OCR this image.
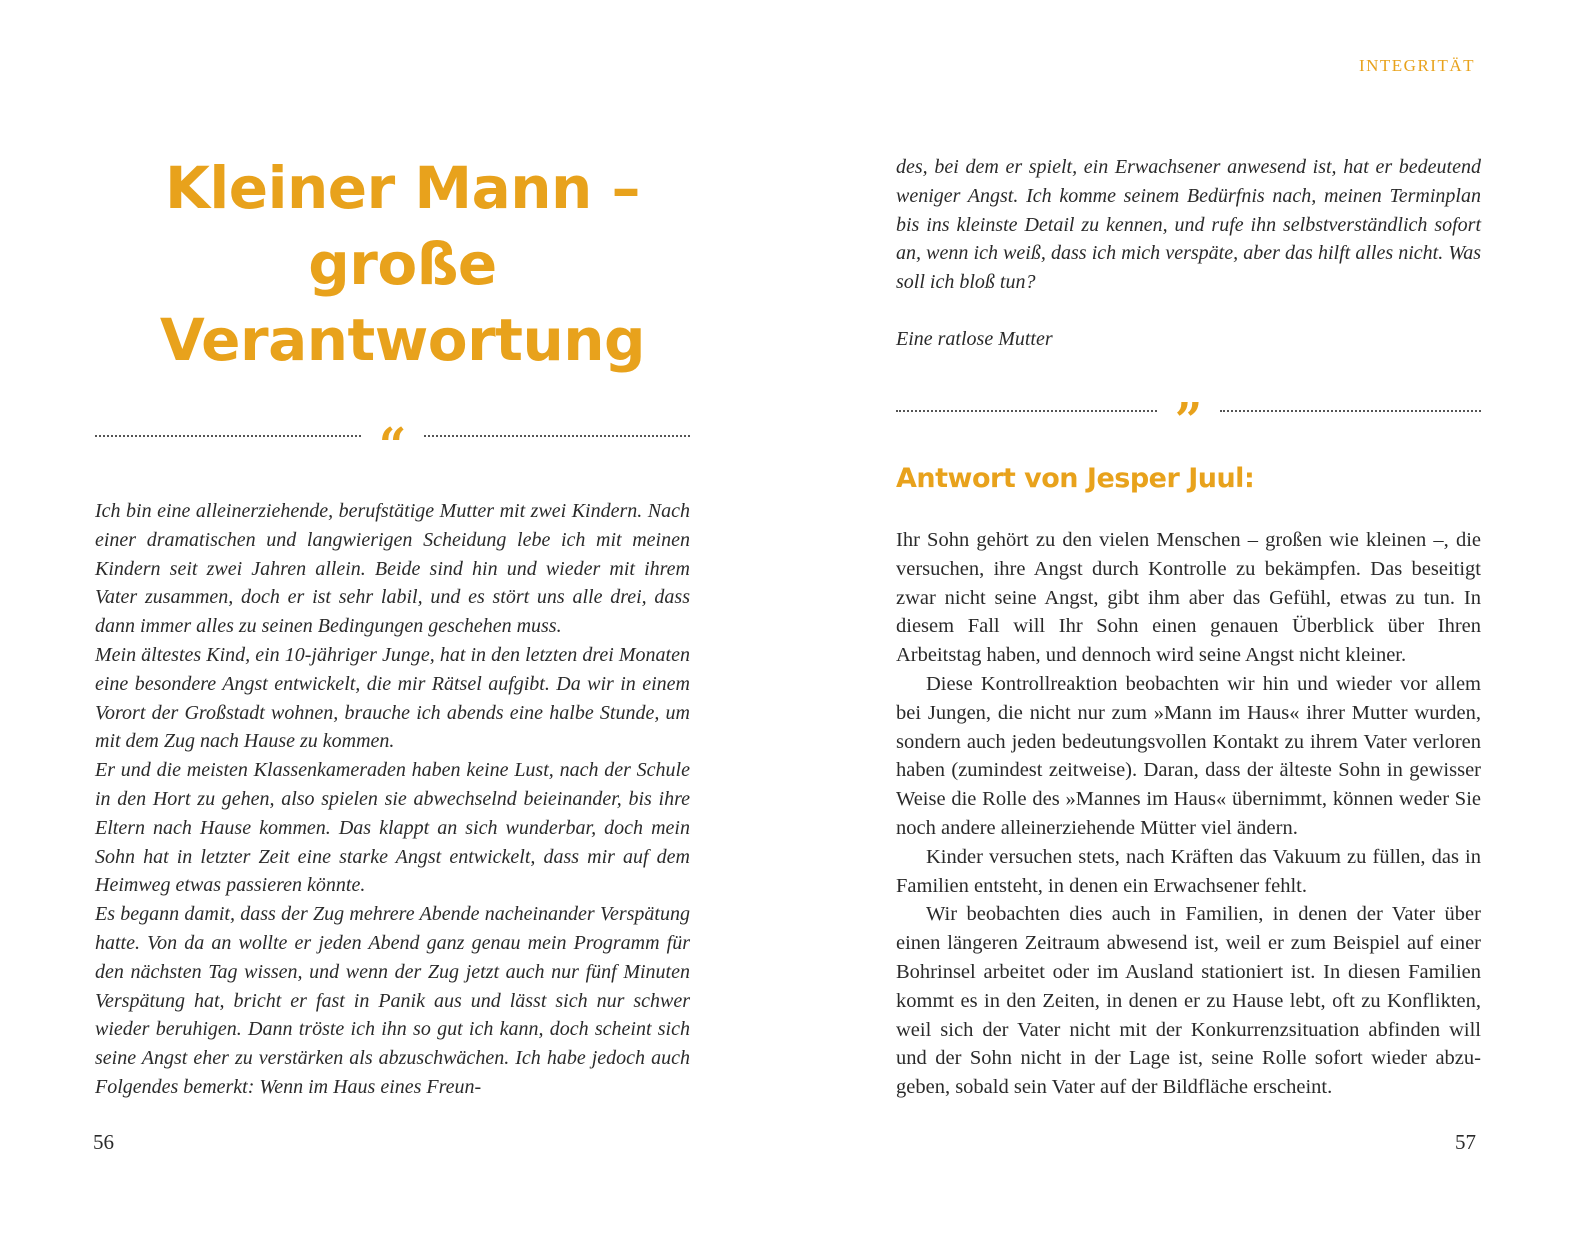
Kleiner Mann – große
Verantwortung
“

Ich bin eine alleinerziehende, berufstätige Mutter mit zwei Kindern. Nach einer dramatischen und langwierigen Scheidung lebe ich mit meinen Kindern seit zwei Jahren allein. Beide sind hin und wieder mit ihrem Vater zusammen, doch er ist sehr labil, und es stört uns alle drei, dass dann immer alles zu seinen Bedingungen geschehen muss.

Mein ältestes Kind, ein 10-jähriger Junge, hat in den letzten drei Monaten eine besondere Angst entwickelt, die mir Rätsel aufgibt. Da wir in einem Vorort der Großstadt wohnen, brauche ich abends eine halbe Stunde, um mit dem Zug nach Hause zu kommen.

Er und die meisten Klassenkameraden haben keine Lust, nach der Schule in den Hort zu gehen, also spielen sie abwechselnd beieinander, bis ihre Eltern nach Hause kommen. Das klappt an sich wunderbar, doch mein Sohn hat in letzter Zeit eine starke Angst entwickelt, dass mir auf dem Heimweg etwas passieren könnte.

Es begann damit, dass der Zug mehrere Abende nacheinander Verspätung hatte. Von da an wollte er jeden Abend ganz genau mein Programm für den nächsten Tag wissen, und wenn der Zug jetzt auch nur fünf Minuten Verspätung hat, bricht er fast in Panik aus und lässt sich nur schwer wieder beruhigen. Dann tröste ich ihn so gut ich kann, doch scheint sich seine Angst eher zu verstärken als abzuschwächen. Ich habe jedoch auch Folgendes bemerkt: Wenn im Haus eines Freun-

56
INTEGRITÄT

des, bei dem er spielt, ein Erwachsener anwesend ist, hat er bedeutend weniger Angst. Ich komme seinem Bedürfnis nach, meinen Terminplan bis ins kleinste Detail zu kennen, und rufe ihn selbstverständlich sofort an, wenn ich weiß, dass ich mich verspäte, aber das hilft alles nicht. Was soll ich bloß tun?

Eine ratlose Mutter

”
Antwort von Jesper Juul:

Ihr Sohn gehört zu den vielen Menschen – großen wie kleinen –, die versuchen, ihre Angst durch Kontrolle zu bekämpfen. Das beseitigt zwar nicht seine Angst, gibt ihm aber das Gefühl, etwas zu tun. In diesem Fall will Ihr Sohn einen genauen Überblick über Ihren Arbeitstag haben, und dennoch wird seine Angst nicht kleiner.

Diese Kontrollreaktion beobachten wir hin und wieder vor allem bei Jungen, die nicht nur zum »Mann im Haus« ihrer Mutter wurden, sondern auch jeden bedeutungsvollen Kontakt zu ihrem Vater verloren haben (zumindest zeitweise). Daran, dass der älteste Sohn in gewisser Weise die Rolle des »Mannes im Haus« übernimmt, können weder Sie noch andere alleinerziehende Mütter viel ändern.

Kinder versuchen stets, nach Kräften das Vakuum zu füllen, das in Familien entsteht, in denen ein Erwachsener fehlt.

Wir beobachten dies auch in Familien, in denen der Vater über einen längeren Zeitraum abwesend ist, weil er zum Beispiel auf einer Bohrinsel arbeitet oder im Ausland stationiert ist. In diesen Familien kommt es in den Zeiten, in denen er zu Hause lebt, oft zu Konflikten, weil sich der Vater nicht mit der Konkurrenzsituation abfinden will und der Sohn nicht in der Lage ist, seine Rolle sofort wieder abzugeben, sobald sein Vater auf der Bildfläche erscheint.

57
